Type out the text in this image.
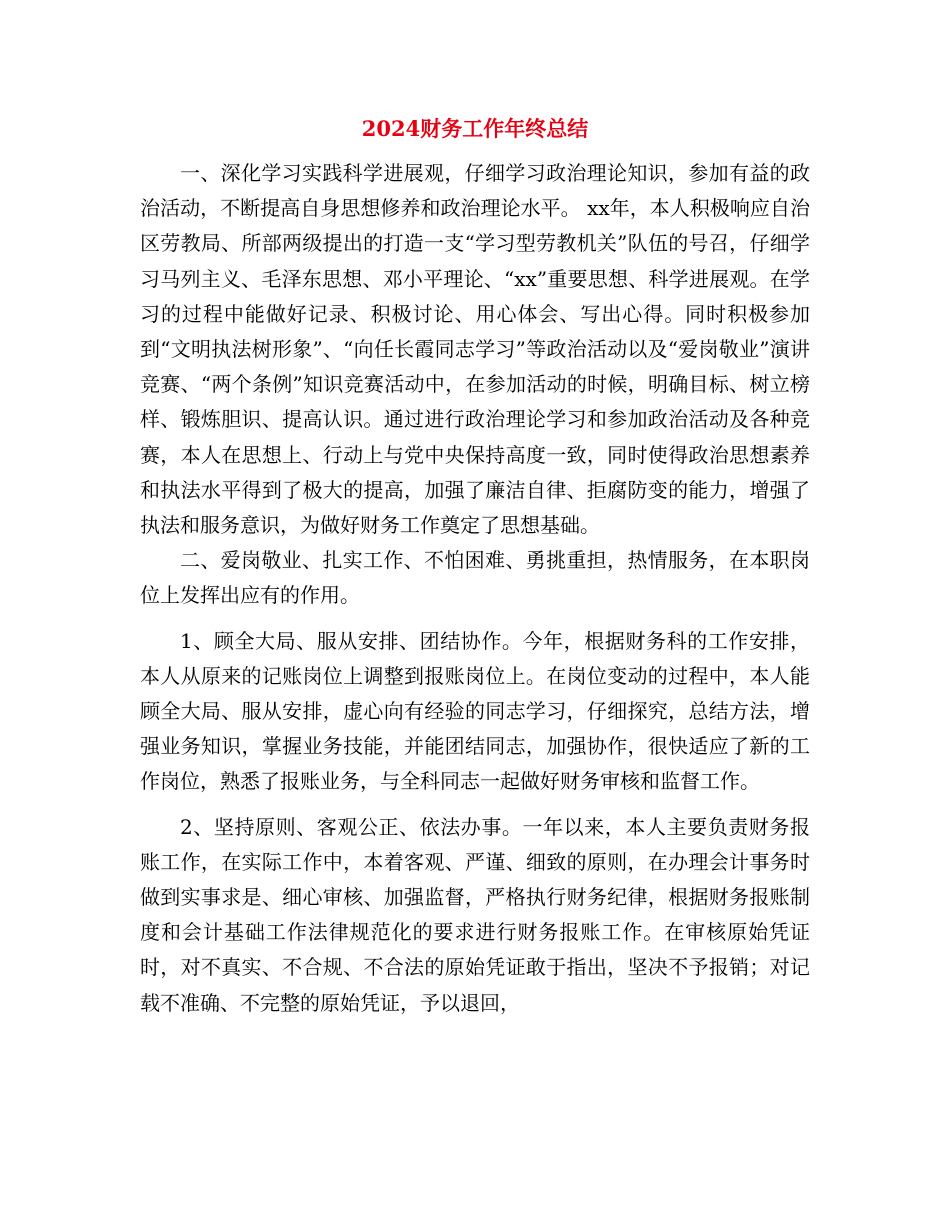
2024财务工作年终总结

一、深化学习实践科学进展观，仔细学习政治理论知识，参加有益的政治活动，不断提高自身思想修养和政治理论水平。 xx年，本人积极响应自治区劳教局、所部两级提出的打造一支“学习型劳教机关”队伍的号召，仔细学习马列主义、毛泽东思想、邓小平理论、“xx”重要思想、科学进展观。在学习的过程中能做好记录、积极讨论、用心体会、写出心得。同时积极参加到“文明执法树形象”、“向任长霞同志学习”等政治活动以及“爱岗敬业”演讲竞赛、“两个条例”知识竞赛活动中，在参加活动的时候，明确目标、树立榜样、锻炼胆识、提高认识。通过进行政治理论学习和参加政治活动及各种竞赛，本人在思想上、行动上与党中央保持高度一致，同时使得政治思想素养和执法水平得到了极大的提高，加强了廉洁自律、拒腐防变的能力，增强了执法和服务意识，为做好财务工作奠定了思想基础。

二、爱岗敬业、扎实工作、不怕困难、勇挑重担，热情服务，在本职岗位上发挥出应有的作用。

1、顾全大局、服从安排、团结协作。今年，根据财务科的工作安排，本人从原来的记账岗位上调整到报账岗位上。在岗位变动的过程中，本人能顾全大局、服从安排，虚心向有经验的同志学习，仔细探究，总结方法，增强业务知识，掌握业务技能，并能团结同志，加强协作，很快适应了新的工作岗位，熟悉了报账业务，与全科同志一起做好财务审核和监督工作。

2、坚持原则、客观公正、依法办事。一年以来，本人主要负责财务报账工作，在实际工作中，本着客观、严谨、细致的原则，在办理会计事务时做到实事求是、细心审核、加强监督，严格执行财务纪律，根据财务报账制度和会计基础工作法律规范化的要求进行财务报账工作。在审核原始凭证时，对不真实、不合规、不合法的原始凭证敢于指出，坚决不予报销；对记载不准确、不完整的原始凭证，予以退回，
